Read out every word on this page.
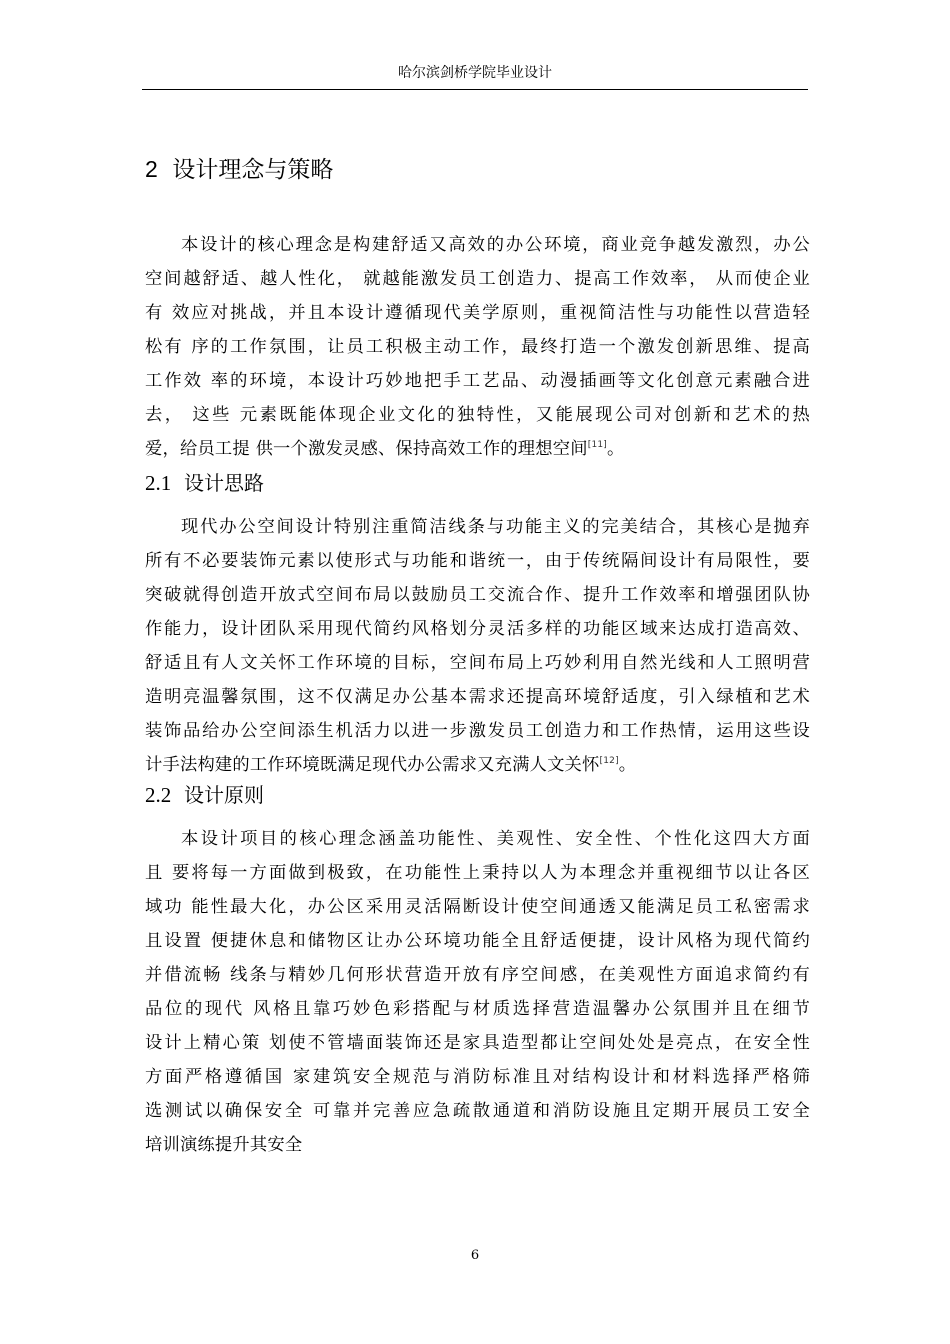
哈尔滨剑桥学院毕业设计
2 设计理念与策略
本设计的核心理念是构建舒适又高效的办公环境，商业竞争越发激烈，办公
空间越舒适、越人性化， 就越能激发员工创造力、提高工作效率， 从而使企业
有 效应对挑战，并且本设计遵循现代美学原则，重视简洁性与功能性以营造轻
松有 序的工作氛围，让员工积极主动工作，最终打造一个激发创新思维、提高
工作效 率的环境，本设计巧妙地把手工艺品、动漫插画等文化创意元素融合进
去， 这些 元素既能体现企业文化的独特性，又能展现公司对创新和艺术的热
爱，给员工提 供一个激发灵感、保持高效工作的理想空间[11]。
2.1 设计思路
现代办公空间设计特别注重简洁线条与功能主义的完美结合，其核心是抛弃
所有不必要装饰元素以使形式与功能和谐统一，由于传统隔间设计有局限性，要
突破就得创造开放式空间布局以鼓励员工交流合作、提升工作效率和增强团队协
作能力，设计团队采用现代简约风格划分灵活多样的功能区域来达成打造高效、
舒适且有人文关怀工作环境的目标，空间布局上巧妙利用自然光线和人工照明营
造明亮温馨氛围，这不仅满足办公基本需求还提高环境舒适度，引入绿植和艺术
装饰品给办公空间添生机活力以进一步激发员工创造力和工作热情，运用这些设
计手法构建的工作环境既满足现代办公需求又充满人文关怀[12]。
2.2 设计原则
本设计项目的核心理念涵盖功能性、美观性、安全性、个性化这四大方面
且 要将每一方面做到极致，在功能性上秉持以人为本理念并重视细节以让各区
域功 能性最大化，办公区采用灵活隔断设计使空间通透又能满足员工私密需求
且设置 便捷休息和储物区让办公环境功能全且舒适便捷，设计风格为现代简约
并借流畅 线条与精妙几何形状营造开放有序空间感，在美观性方面追求简约有
品位的现代 风格且靠巧妙色彩搭配与材质选择营造温馨办公氛围并且在细节
设计上精心策 划使不管墙面装饰还是家具造型都让空间处处是亮点，在安全性
方面严格遵循国 家建筑安全规范与消防标准且对结构设计和材料选择严格筛
选测试以确保安全 可靠并完善应急疏散通道和消防设施且定期开展员工安全
培训演练提升其安全
6
